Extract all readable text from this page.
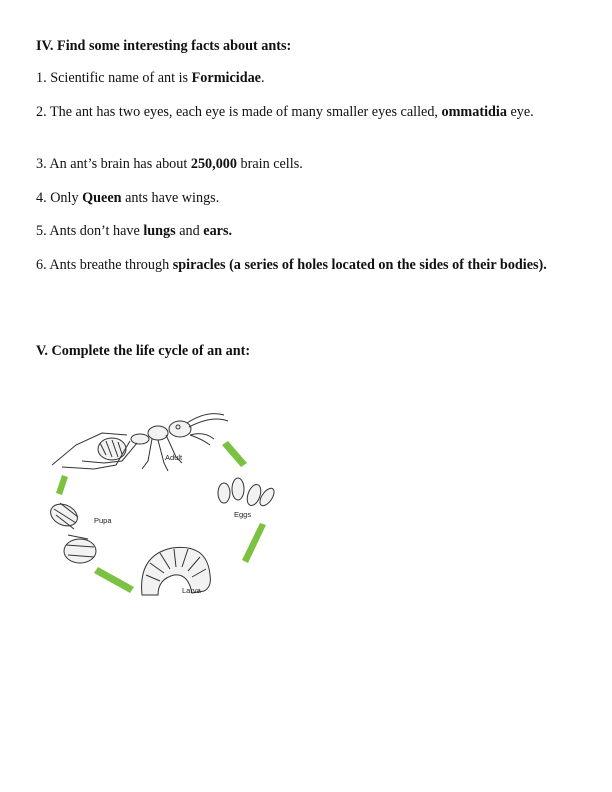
IV. Find some interesting facts about ants:

1. Scientific name of ant is Formicidae.

2. The ant has two eyes, each eye is made of many smaller eyes called, ommatidia eye.

3. An ant’s brain has about 250,000 brain cells.

4. Only Queen ants have wings.

5. Ants don’t have lungs and ears.

6. Ants breathe through spiracles (a series of holes located on the sides of their bodies).

V. Complete the life cycle of an ant:

Adult
Eggs
Larva
Pupa
